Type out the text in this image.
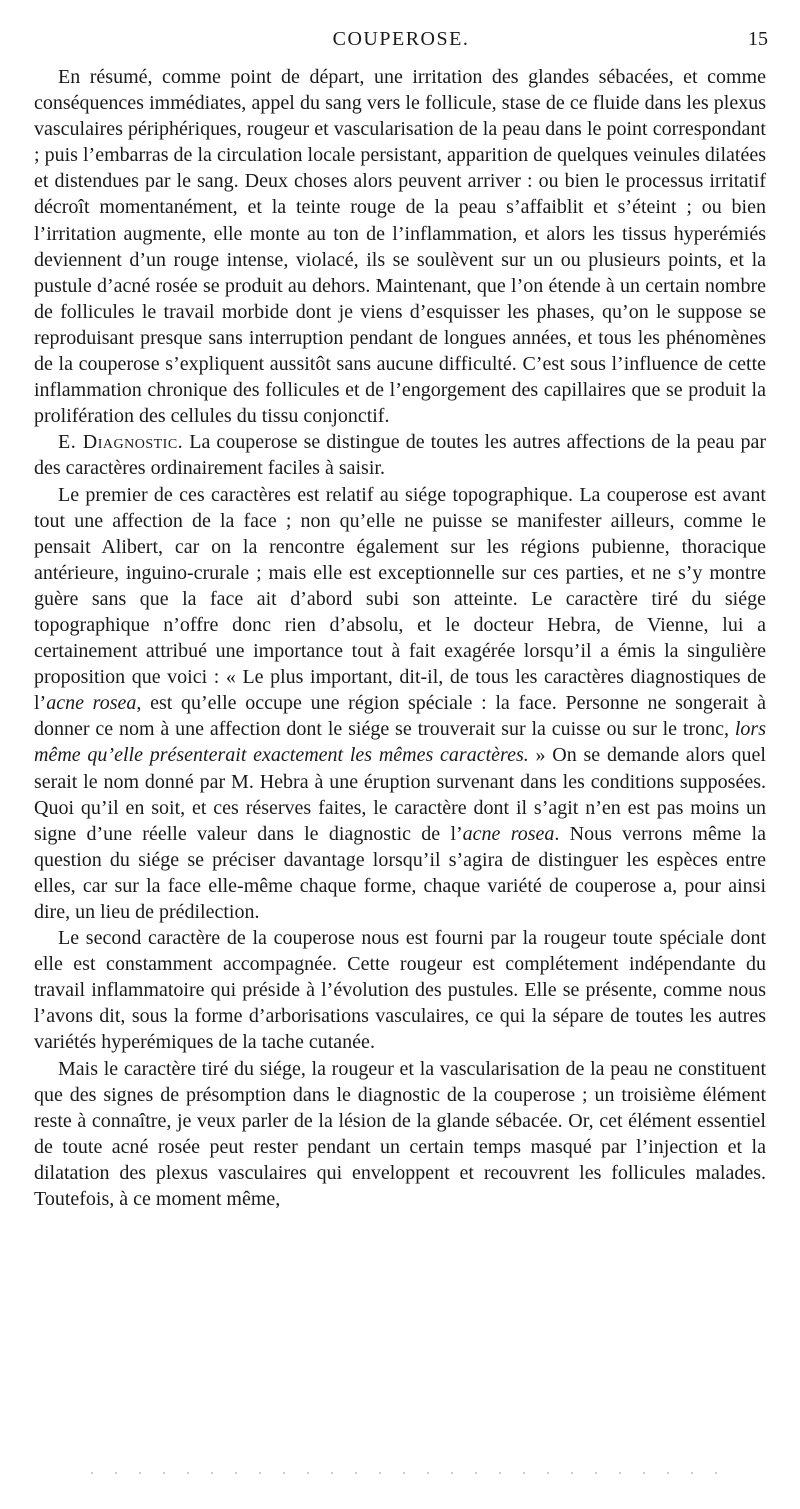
COUPEROSE.	15

En résumé, comme point de départ, une irritation des glandes sébacées, et comme conséquences immédiates, appel du sang vers le follicule, stase de ce fluide dans les plexus vasculaires périphériques, rougeur et vascularisation de la peau dans le point correspondant ; puis l’embarras de la circulation locale persistant, apparition de quelques veinules dilatées et distendues par le sang. Deux choses alors peuvent arriver : ou bien le processus irritatif décroît momentanément, et la teinte rouge de la peau s’affaiblit et s’éteint ; ou bien l’irritation augmente, elle monte au ton de l’inflammation, et alors les tissus hyperémiés deviennent d’un rouge intense, violacé, ils se soulèvent sur un ou plusieurs points, et la pustule d’acné rosée se produit au dehors. Maintenant, que l’on étende à un certain nombre de follicules le travail morbide dont je viens d’esquisser les phases, qu’on le suppose se reproduisant presque sans interruption pendant de longues années, et tous les phénomènes de la couperose s’expliquent aussitôt sans aucune difficulté. C’est sous l’influence de cette inflammation chronique des follicules et de l’engorgement des capillaires que se produit la prolifération des cellules du tissu conjonctif.

E. Diagnostic. La couperose se distingue de toutes les autres affections de la peau par des caractères ordinairement faciles à saisir.

Le premier de ces caractères est relatif au siége topographique. La couperose est avant tout une affection de la face ; non qu’elle ne puisse se manifester ailleurs, comme le pensait Alibert, car on la rencontre également sur les régions pubienne, thoracique antérieure, inguino-crurale ; mais elle est exceptionnelle sur ces parties, et ne s’y montre guère sans que la face ait d’abord subi son atteinte. Le caractère tiré du siége topographique n’offre donc rien d’absolu, et le docteur Hebra, de Vienne, lui a certainement attribué une importance tout à fait exagérée lorsqu’il a émis la singulière proposition que voici : « Le plus important, dit-il, de tous les caractères diagnostiques de l’acne rosea, est qu’elle occupe une région spéciale : la face. Personne ne songerait à donner ce nom à une affection dont le siége se trouverait sur la cuisse ou sur le tronc, lors même qu’elle présenterait exactement les mêmes caractères. » On se demande alors quel serait le nom donné par M. Hebra à une éruption survenant dans les conditions supposées. Quoi qu’il en soit, et ces réserves faites, le caractère dont il s’agit n’en est pas moins un signe d’une réelle valeur dans le diagnostic de l’acne rosea. Nous verrons même la question du siége se préciser davantage lorsqu’il s’agira de distinguer les espèces entre elles, car sur la face elle-même chaque forme, chaque variété de couperose a, pour ainsi dire, un lieu de prédilection.

Le second caractère de la couperose nous est fourni par la rougeur toute spéciale dont elle est constamment accompagnée. Cette rougeur est complétement indépendante du travail inflammatoire qui préside à l’évolution des pustules. Elle se présente, comme nous l’avons dit, sous la forme d’arborisations vasculaires, ce qui la sépare de toutes les autres variétés hyperémiques de la tache cutanée.

Mais le caractère tiré du siége, la rougeur et la vascularisation de la peau ne constituent que des signes de présomption dans le diagnostic de la couperose ; un troisième élément reste à connaître, je veux parler de la lésion de la glande sébacée. Or, cet élément essentiel de toute acné rosée peut rester pendant un certain temps masqué par l’injection et la dilatation des plexus vasculaires qui enveloppent et recouvrent les follicules malades. Toutefois, à ce moment même,
